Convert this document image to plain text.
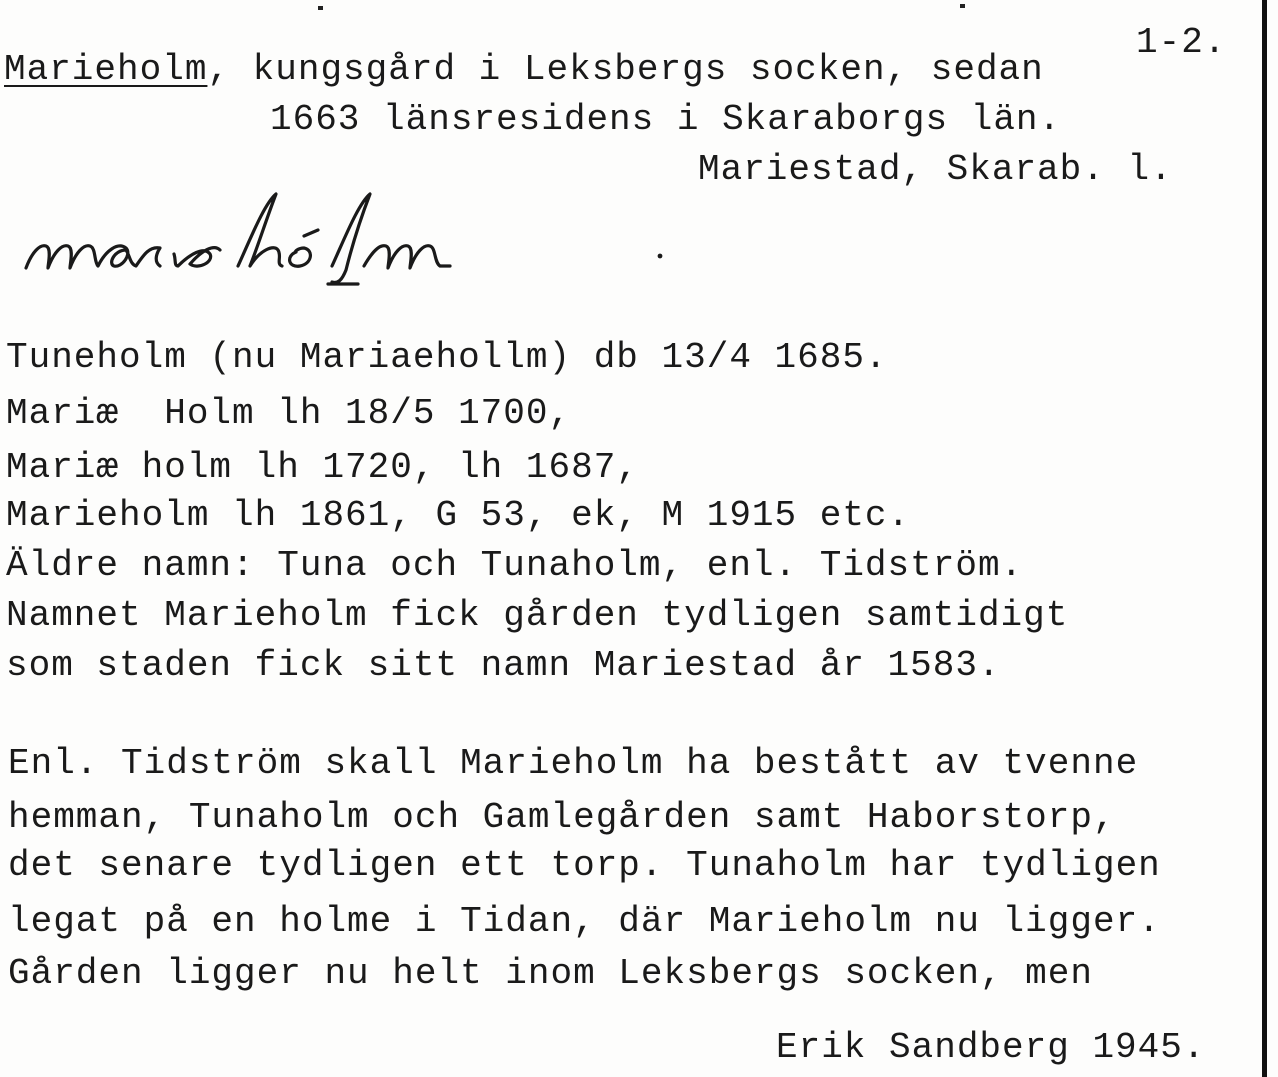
1-2.
Marieholm, kungsgård i Leksbergs socken, sedan
1663 länsresidens i Skaraborgs län.
Mariestad, Skarab. l.
Tuneholm (nu Mariaehollm) db 13/4 1685.
Mariæ  Holm lh 18/5 1700,
Mariæ holm lh 1720, lh 1687,
Marieholm lh 1861, G 53, ek, M 1915 etc.
Äldre namn: Tuna och Tunaholm, enl. Tidström.
Namnet Marieholm fick gården tydligen samtidigt
som staden fick sitt namn Mariestad år 1583.
Enl. Tidström skall Marieholm ha bestått av tvenne
hemman, Tunaholm och Gamlegården samt Haborstorp,
det senare tydligen ett torp. Tunaholm har tydligen
legat på en holme i Tidan, där Marieholm nu ligger.
Gården ligger nu helt inom Leksbergs socken, men
Erik Sandberg 1945.
